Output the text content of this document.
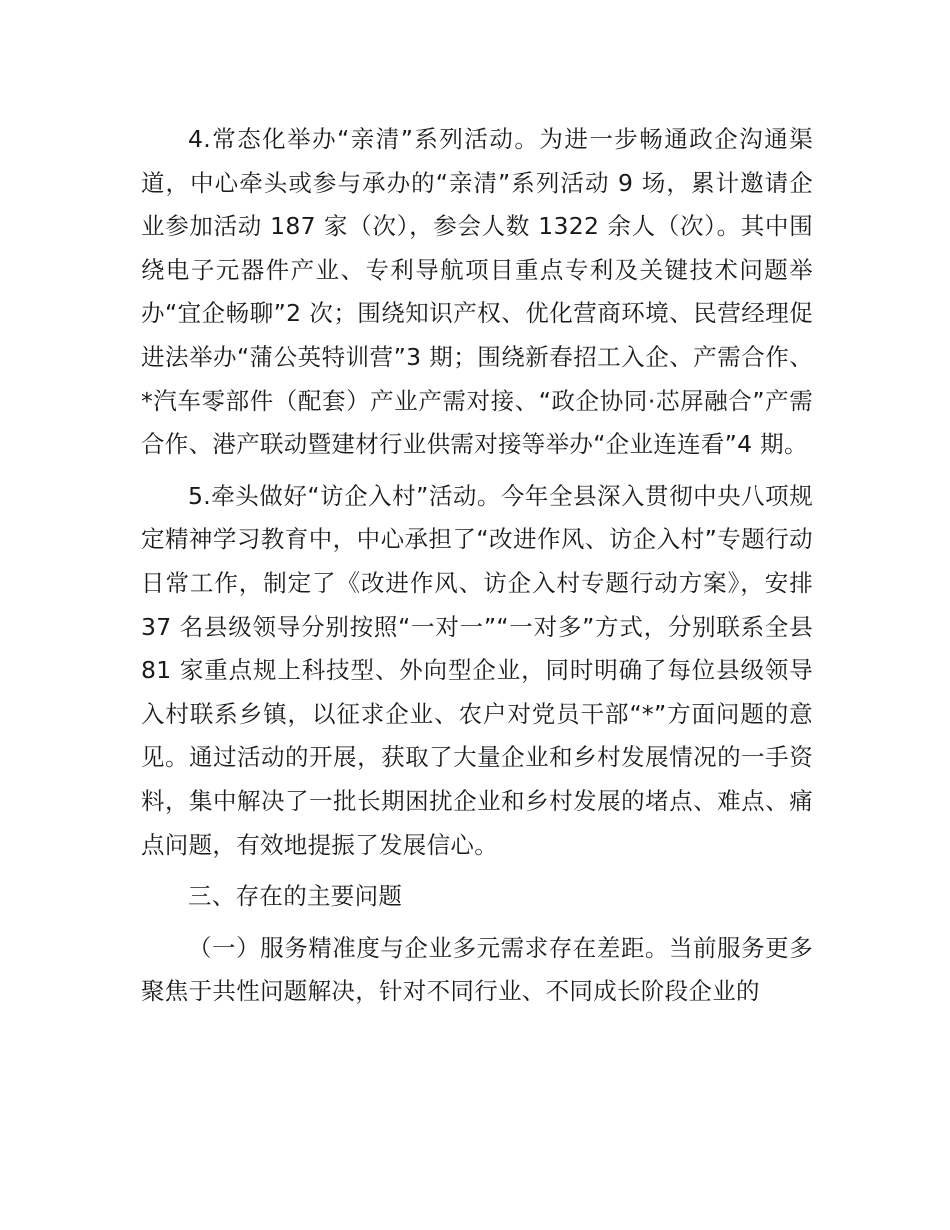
4.常态化举办“亲清”系列活动。为进一步畅通政企沟通渠道，中心牵头或参与承办的“亲清”系列活动 9 场，累计邀请企业参加活动 187 家（次），参会人数 1322 余人（次）。其中围绕电子元器件产业、专利导航项目重点专利及关键技术问题举办“宜企畅聊”2 次；围绕知识产权、优化营商环境、民营经理促进法举办“蒲公英特训营”3 期；围绕新春招工入企、产需合作、*汽车零部件（配套）产业产需对接、“政企协同·芯屏融合”产需合作、港产联动暨建材行业供需对接等举办“企业连连看”4 期。

5.牵头做好“访企入村”活动。今年全县深入贯彻中央八项规定精神学习教育中，中心承担了“改进作风、访企入村”专题行动日常工作，制定了《改进作风、访企入村专题行动方案》，安排 37 名县级领导分别按照“一对一”“一对多”方式，分别联系全县 81 家重点规上科技型、外向型企业，同时明确了每位县级领导入村联系乡镇，以征求企业、农户对党员干部“*”方面问题的意见。通过活动的开展，获取了大量企业和乡村发展情况的一手资料，集中解决了一批长期困扰企业和乡村发展的堵点、难点、痛点问题，有效地提振了发展信心。

三、存在的主要问题

（一）服务精准度与企业多元需求存在差距。当前服务更多聚焦于共性问题解决，针对不同行业、不同成长阶段企业的
